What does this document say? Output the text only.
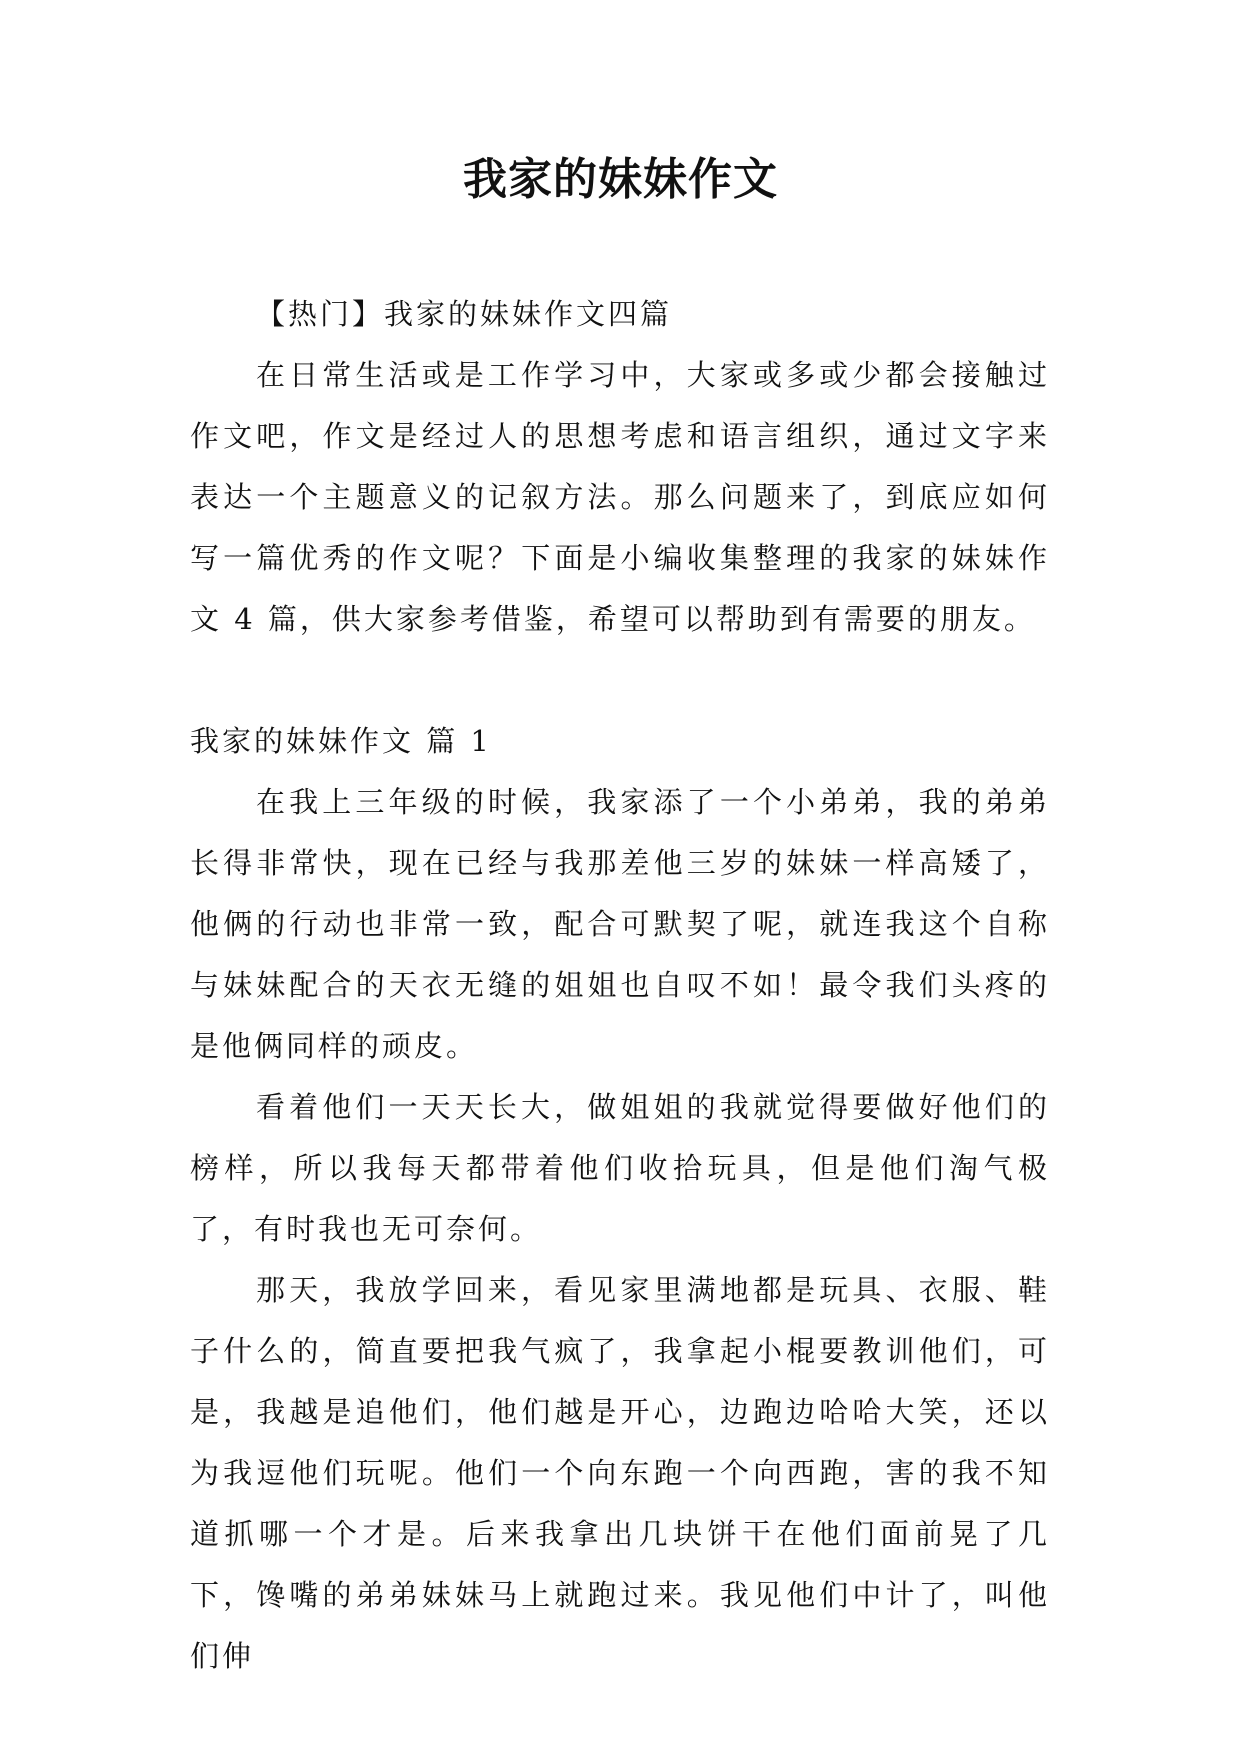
我家的妹妹作文

【热门】我家的妹妹作文四篇

在日常生活或是工作学习中，大家或多或少都会接触过作文吧，作文是经过人的思想考虑和语言组织，通过文字来表达一个主题意义的记叙方法。那么问题来了，到底应如何写一篇优秀的作文呢？下面是小编收集整理的我家的妹妹作文 4 篇，供大家参考借鉴，希望可以帮助到有需要的朋友。

我家的妹妹作文 篇 1

在我上三年级的时候，我家添了一个小弟弟，我的弟弟长得非常快，现在已经与我那差他三岁的妹妹一样高矮了，他俩的行动也非常一致，配合可默契了呢，就连我这个自称与妹妹配合的天衣无缝的姐姐也自叹不如！最令我们头疼的是他俩同样的顽皮。

看着他们一天天长大，做姐姐的我就觉得要做好他们的榜样，所以我每天都带着他们收拾玩具，但是他们淘气极了，有时我也无可奈何。

那天，我放学回来，看见家里满地都是玩具、衣服、鞋子什么的，简直要把我气疯了，我拿起小棍要教训他们，可是，我越是追他们，他们越是开心，边跑边哈哈大笑，还以为我逗他们玩呢。他们一个向东跑一个向西跑，害的我不知道抓哪一个才是。后来我拿出几块饼干在他们面前晃了几下，馋嘴的弟弟妹妹马上就跑过来。我见他们中计了，叫他们伸
